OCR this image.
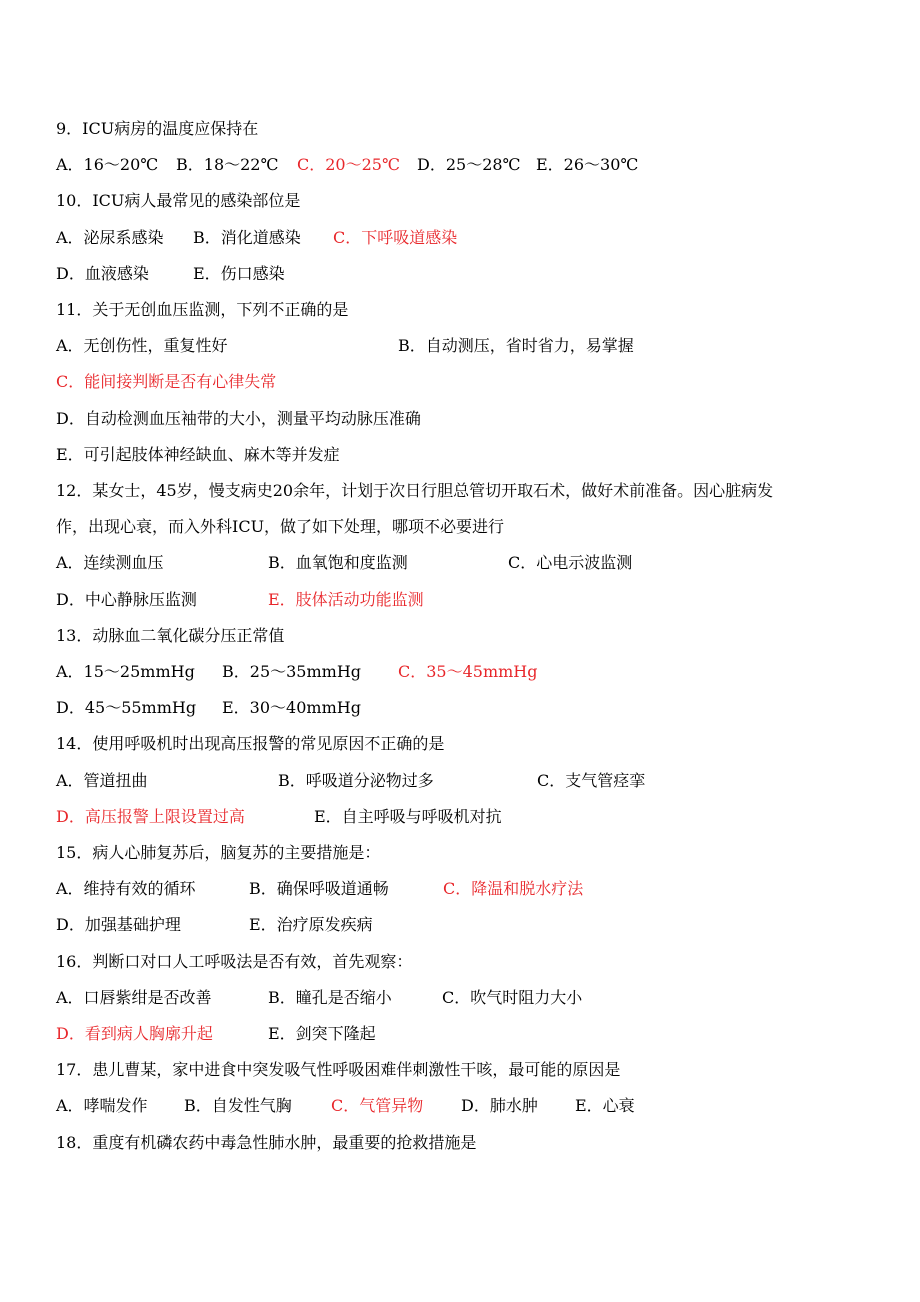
9．ICU病房的温度应保持在
A．16～20℃ B．18～22℃ C．20～25℃ D．25～28℃ E．26～30℃
10．ICU病人最常见的感染部位是
A．泌尿系感染 B．消化道感染 C．下呼吸道感染
D．血液感染	E．伤口感染
11．关于无创血压监测，下列不正确的是
A．无创伤性，重复性好	B．自动测压，省时省力，易掌握
C．能间接判断是否有心律失常
D．自动检测血压袖带的大小，测量平均动脉压准确
E．可引起肢体神经缺血、麻木等并发症
12．某女士，45岁，慢支病史20余年，计划于次日行胆总管切开取石术，做好术前准备。因心脏病发
作，出现心衰，而入外科ICU，做了如下处理，哪项不必要进行
A．连续测血压	B．血氧饱和度监测	C．心电示波监测
D．中心静脉压监测	E．肢体活动功能监测
13．动脉血二氧化碳分压正常值
A．15～25mmHg B．25～35mmHg C．35～45mmHg
D．45～55mmHg E．30～40mmHg
14．使用呼吸机时出现高压报警的常见原因不正确的是
A．管道扭曲	B．呼吸道分泌物过多	C．支气管痉挛
D．高压报警上限设置过高	E．自主呼吸与呼吸机对抗
15．病人心肺复苏后，脑复苏的主要措施是：
A．维持有效的循环	B．确保呼吸道通畅	C．降温和脱水疗法
D．加强基础护理	E．治疗原发疾病
16．判断口对口人工呼吸法是否有效，首先观察：
A．口唇紫绀是否改善	B．瞳孔是否缩小	C．吹气时阻力大小
D．看到病人胸廓升起	E．剑突下隆起
17．患儿曹某，家中进食中突发吸气性呼吸困难伴刺激性干咳，最可能的原因是
A．哮喘发作 B．自发性气胸 C．气管异物 D．肺水肿 E．心衰
18．重度有机磷农药中毒急性肺水肿，最重要的抢救措施是
